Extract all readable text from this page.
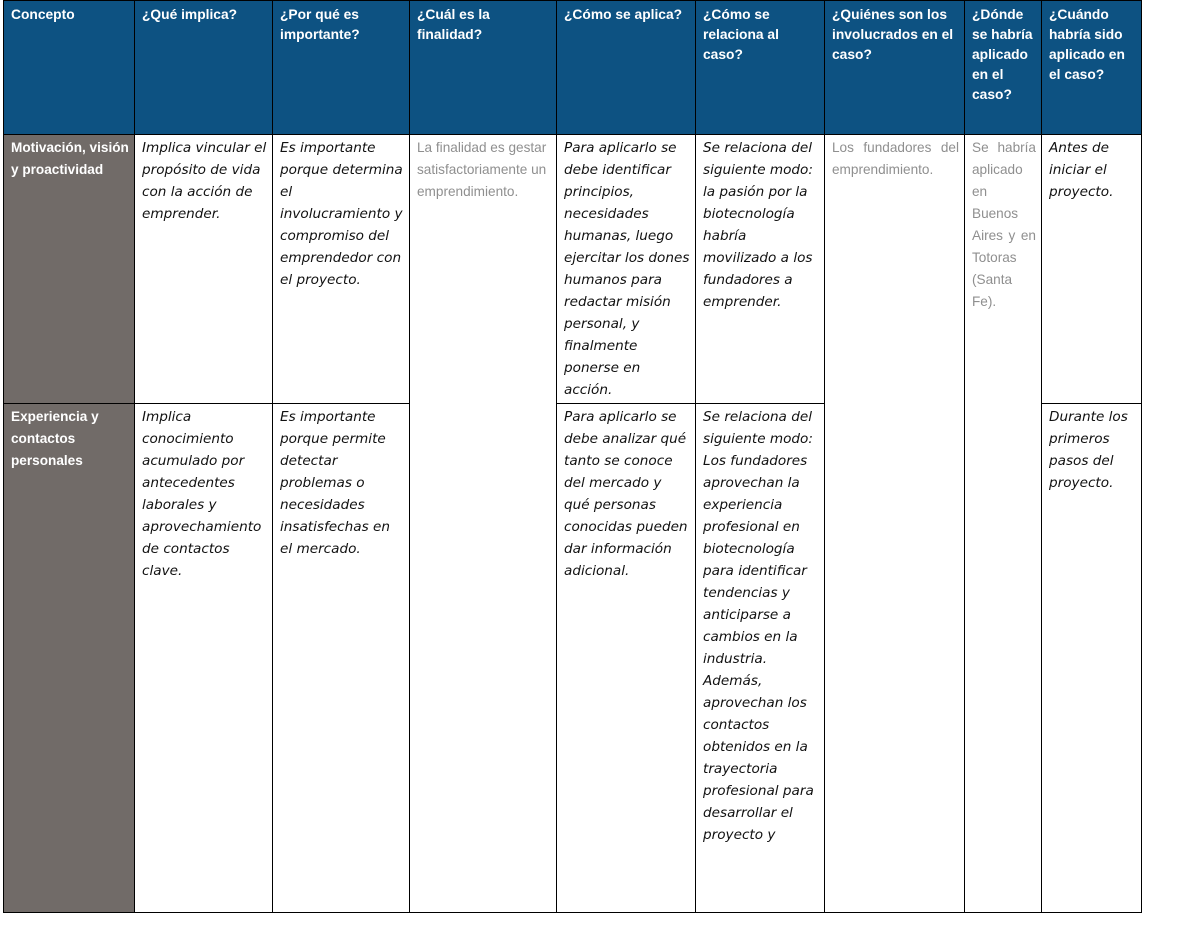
Concepto	¿Qué implica?	¿Por qué es importante?	¿Cuál es la finalidad?	¿Cómo se aplica?	¿Cómo se relaciona al caso?	¿Quiénes son los involucrados en el caso?	¿Dónde se habría aplicado en el caso?	¿Cuándo habría sido aplicado en el caso?
Motivación, visión y proactividad	Implica vincular el propósito de vida con la acción de emprender.	Es importante porque determina el involucramiento y compromiso del emprendedor con el proyecto.	La finalidad es gestar satisfactoriamente un emprendimiento.	Para aplicarlo se debe identificar principios, necesidades humanas, luego ejercitar los dones humanos para redactar misión personal, y finalmente ponerse en acción.	Se relaciona del siguiente modo: la pasión por la biotecnología habría movilizado a los fundadores a emprender.	Los fundadores del emprendimiento.	Se habría aplicado en Buenos Aires y en Totoras (Santa Fe).	Antes de iniciar el proyecto.
Experiencia y contactos personales	Implica conocimiento acumulado por antecedentes laborales y aprovechamiento de contactos clave.	Es importante porque permite detectar problemas o necesidades insatisfechas en el mercado.		Para aplicarlo se debe analizar qué tanto se conoce del mercado y qué personas conocidas pueden dar información adicional.	Se relaciona del siguiente modo: Los fundadores aprovechan la experiencia profesional en biotecnología para identificar tendencias y anticiparse a cambios en la industria. Además, aprovechan los contactos obtenidos en la trayectoria profesional para desarrollar el proyecto y			Durante los primeros pasos del proyecto.
